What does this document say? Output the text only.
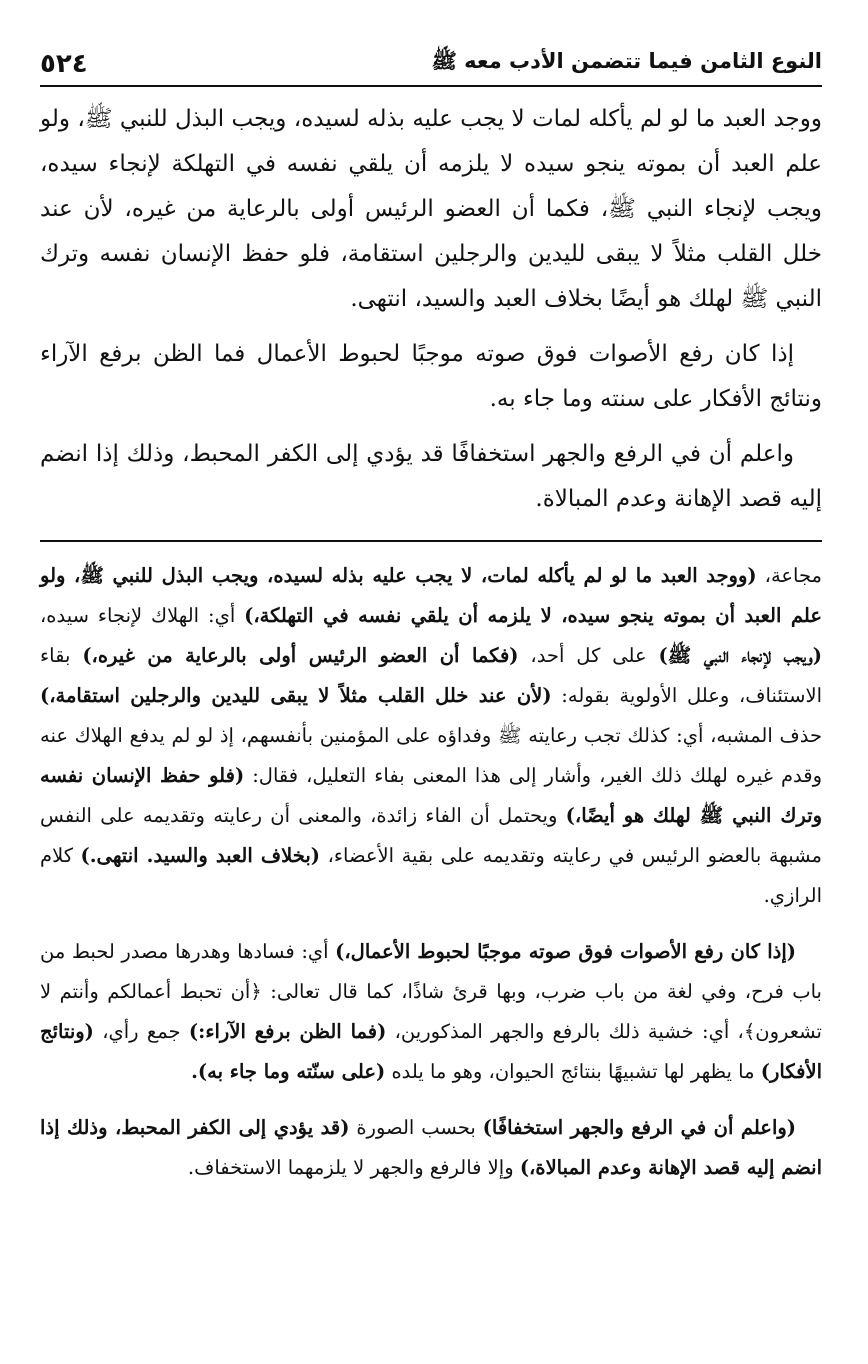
النوع الثامن فيما تتضمن الأدب معه ﷺ
٥٢٤

ووجد العبد ما لو لم يأكله لمات لا يجب عليه بذله لسيده، ويجب البذل للنبي ﷺ، ولو علم العبد أن بموته ينجو سيده لا يلزمه أن يلقي نفسه في التهلكة لإنجاء سيده، ويجب لإنجاء النبي ﷺ، فكما أن العضو الرئيس أولى بالرعاية من غيره، لأن عند خلل القلب مثلاً لا يبقى لليدين والرجلين استقامة، فلو حفظ الإنسان نفسه وترك النبي ﷺ لهلك هو أيضًا بخلاف العبد والسيد، انتهى.

إذا كان رفع الأصوات فوق صوته موجبًا لحبوط الأعمال فما الظن برفع الآراء ونتائج الأفكار على سنته وما جاء به.

واعلم أن في الرفع والجهر استخفافًا قد يؤدي إلى الكفر المحبط، وذلك إذا انضم إليه قصد الإهانة وعدم المبالاة.

مجاعة، (ووجد العبد ما لو لم يأكله لمات، لا يجب عليه بذله لسيده، ويجب البذل للنبي ﷺ، ولو علم العبد أن بموته ينجو سيده، لا يلزمه أن يلقي نفسه في التهلكة،) أي: الهلاك لإنجاء سيده، (ويجب لإنجاء النبي ﷺ) على كل أحد، (فكما أن العضو الرئيس أولى بالرعاية من غيره،) بقاء الاستئناف، وعلل الأولوية بقوله: (لأن عند خلل القلب مثلاً لا يبقى لليدين والرجلين استقامة،) حذف المشبه، أي: كذلك تجب رعايته ﷺ وفداؤه على المؤمنين بأنفسهم، إذ لو لم يدفع الهلاك عنه وقدم غيره لهلك ذلك الغير، وأشار إلى هذا المعنى بفاء التعليل، فقال: (فلو حفظ الإنسان نفسه وترك النبي ﷺ لهلك هو أيضًا،) ويحتمل أن الفاء زائدة، والمعنى أن رعايته وتقديمه على النفس مشبهة بالعضو الرئيس في رعايته وتقديمه على بقية الأعضاء، (بخلاف العبد والسيد. انتهى.) كلام الرازي.

(إذا كان رفع الأصوات فوق صوته موجبًا لحبوط الأعمال،) أي: فسادها وهدرها مصدر لحبط من باب فرح، وفي لغة من باب ضرب، وبها قرئ شاذًا، كما قال تعالى: ﴿أن تحبط أعمالكم وأنتم لا تشعرون﴾، أي: خشية ذلك بالرفع والجهر المذكورين، (فما الظن برفع الآراء:) جمع رأي، (ونتائج الأفكار) ما يظهر لها تشبيهًا بنتائج الحيوان، وهو ما يلده (على سنّته وما جاء به).

(واعلم أن في الرفع والجهر استخفافًا) بحسب الصورة (قد يؤدي إلى الكفر المحبط، وذلك إذا انضم إليه قصد الإهانة وعدم المبالاة،) وإلا فالرفع والجهر لا يلزمهما الاستخفاف.
